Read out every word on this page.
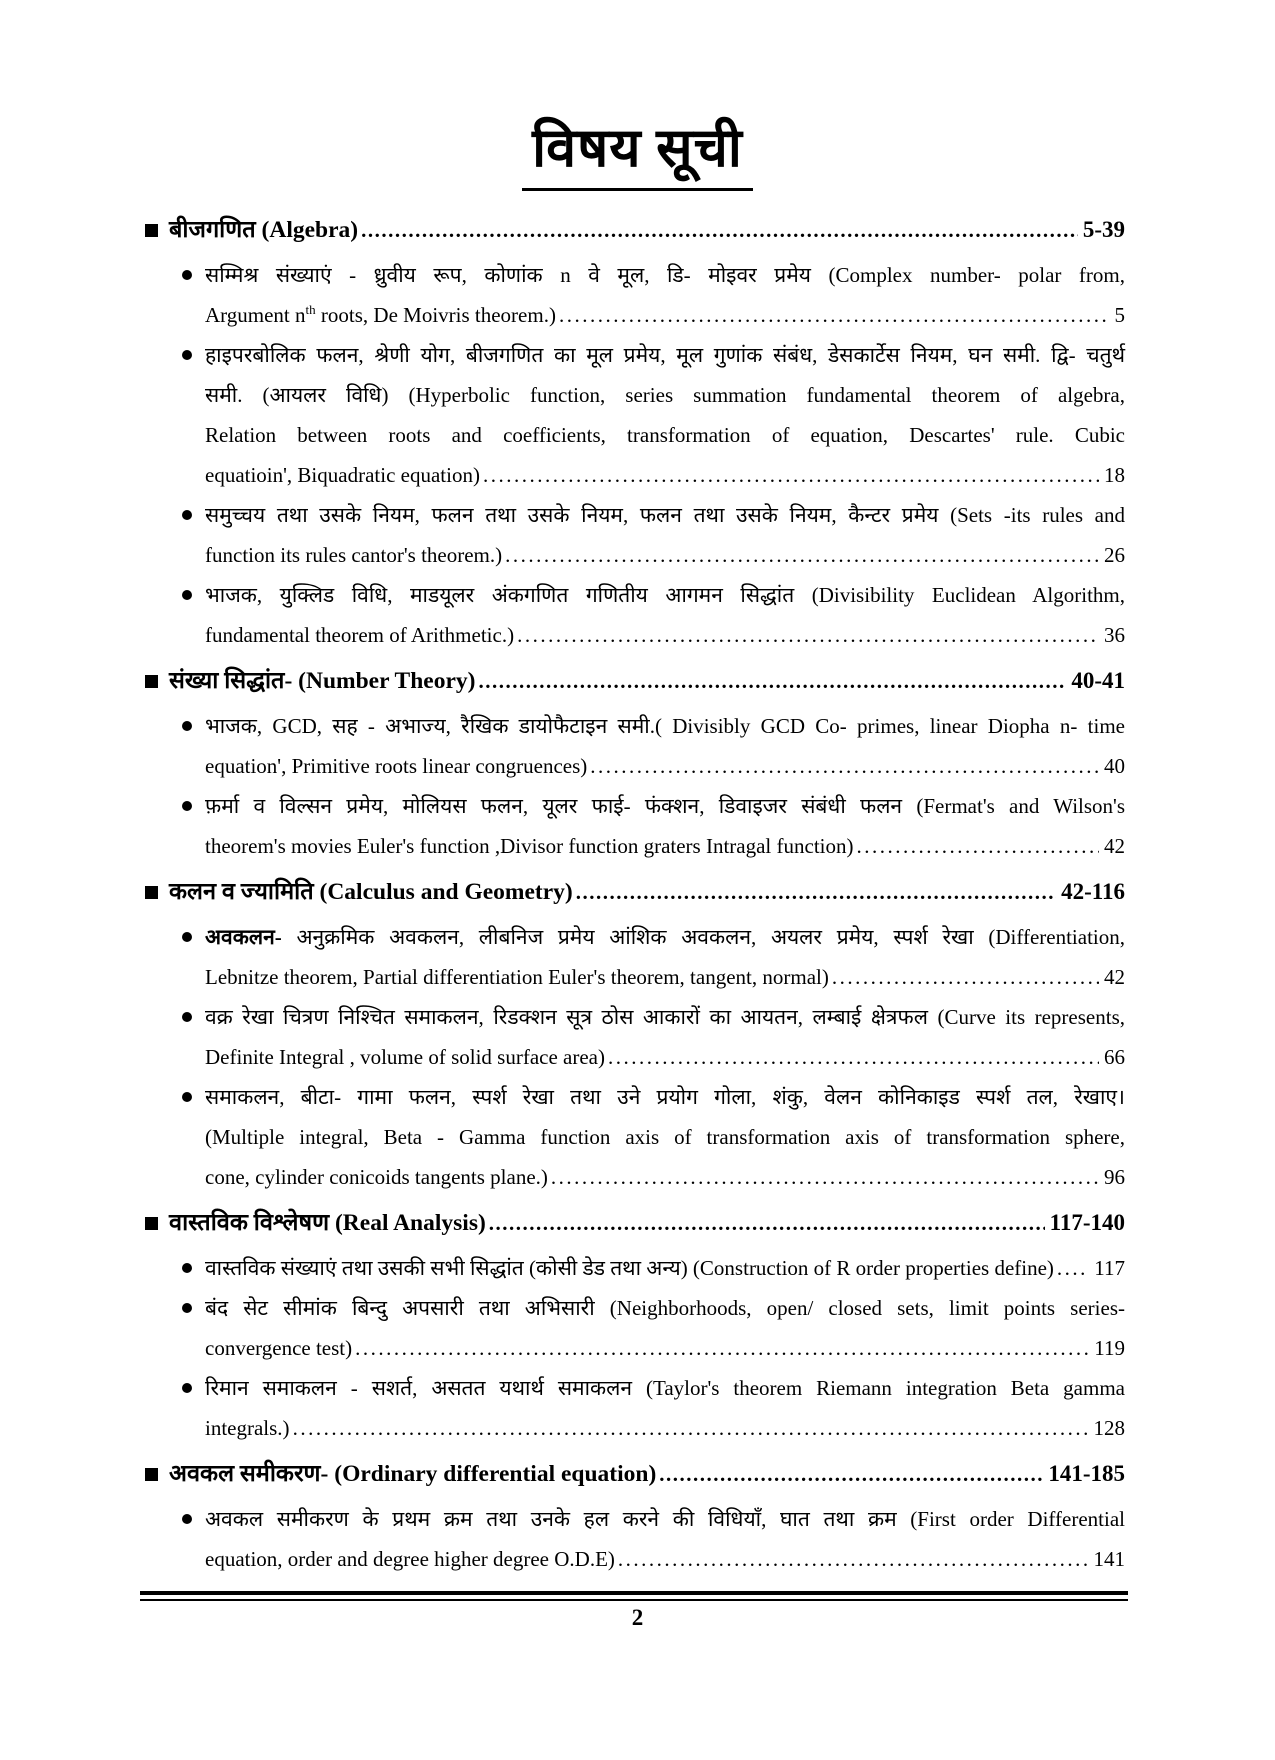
विषय सूची
बीजगणित (Algebra) .....	5-39
सम्मिश्र संख्याएं - ध्रुवीय रूप, कोणांक n वे मूल, डि- मोइवर प्रमेय (Complex number- polar from,
Argument $n^{th}$ roots, De Moivris theorem.) .....	5
हाइपरबोलिक फलन, श्रेणी योग, बीजगणित का मूल प्रमेय, मूल गुणांक संबंध, डेसकार्टेस नियम, घन समी. द्वि- चतुर्थ
समी. (आयलर विधि) (Hyperbolic function, series summation fundamental theorem of algebra,
Relation between roots and coefficients, transformation of equation, Descartes' rule. Cubic
equatioin', Biquadratic equation) .....	18
समुच्चय तथा उसके नियम, फलन तथा उसके नियम, फलन तथा उसके नियम, कैन्टर प्रमेय (Sets -its rules and
function its rules cantor's theorem.) .....	26
भाजक, युक्लिड विधि, माडयूलर अंकगणित गणितीय आगमन सिद्धांत (Divisibility Euclidean Algorithm,
fundamental theorem of Arithmetic.) .....	36
संख्या सिद्धांत- (Number Theory) .....	40-41
भाजक, GCD, सह - अभाज्य, रैखिक डायोफैटाइन समी.( Divisibly GCD Co- primes, linear Diopha n- time
equation', Primitive roots linear congruences) .....	40
फ़र्मा व विल्सन प्रमेय, मोलियस फलन, यूलर फाई- फंक्शन, डिवाइजर संबंधी फलन (Fermat's and Wilson's
theorem's movies Euler's function ,Divisor function graters Intragal function) .....	42
कलन व ज्यामिति (Calculus and Geometry) .....	42-116
अवकलन- अनुक्रमिक अवकलन, लीबनिज प्रमेय आंशिक अवकलन, अयलर प्रमेय, स्पर्श रेखा (Differentiation,
Lebnitze theorem, Partial differentiation Euler's theorem, tangent, normal) .....	42
वक्र रेखा चित्रण निश्चित समाकलन, रिडक्शन सूत्र ठोस आकारों का आयतन, लम्बाई क्षेत्रफल (Curve its represents,
Definite Integral , volume of solid surface area) .....	66
समाकलन, बीटा- गामा फलन, स्पर्श रेखा तथा उने प्रयोग गोला, शंकु, वेलन कोनिकाइड स्पर्श तल, रेखाए।
(Multiple integral, Beta - Gamma function axis of transformation axis of transformation sphere,
cone, cylinder conicoids tangents plane.) .....	96
वास्तविक विश्लेषण (Real Analysis) .....	117-140
वास्तविक संख्याएं तथा उसकी सभी सिद्धांत (कोसी डेड तथा अन्य) (Construction of R order properties define) ..... 117
बंद सेट सीमांक बिन्दु अपसारी तथा अभिसारी (Neighborhoods, open/ closed sets, limit points series-
convergence test) .....	119
रिमान समाकलन - सशर्त, असतत यथार्थ समाकलन (Taylor's theorem Riemann integration Beta gamma
integrals.) .....	128
अवकल समीकरण- (Ordinary differential equation) .....	141-185
अवकल समीकरण के प्रथम क्रम तथा उनके हल करने की विधियाँ, घात तथा क्रम (First order Differential
equation, order and degree higher degree O.D.E) .....	141
2
